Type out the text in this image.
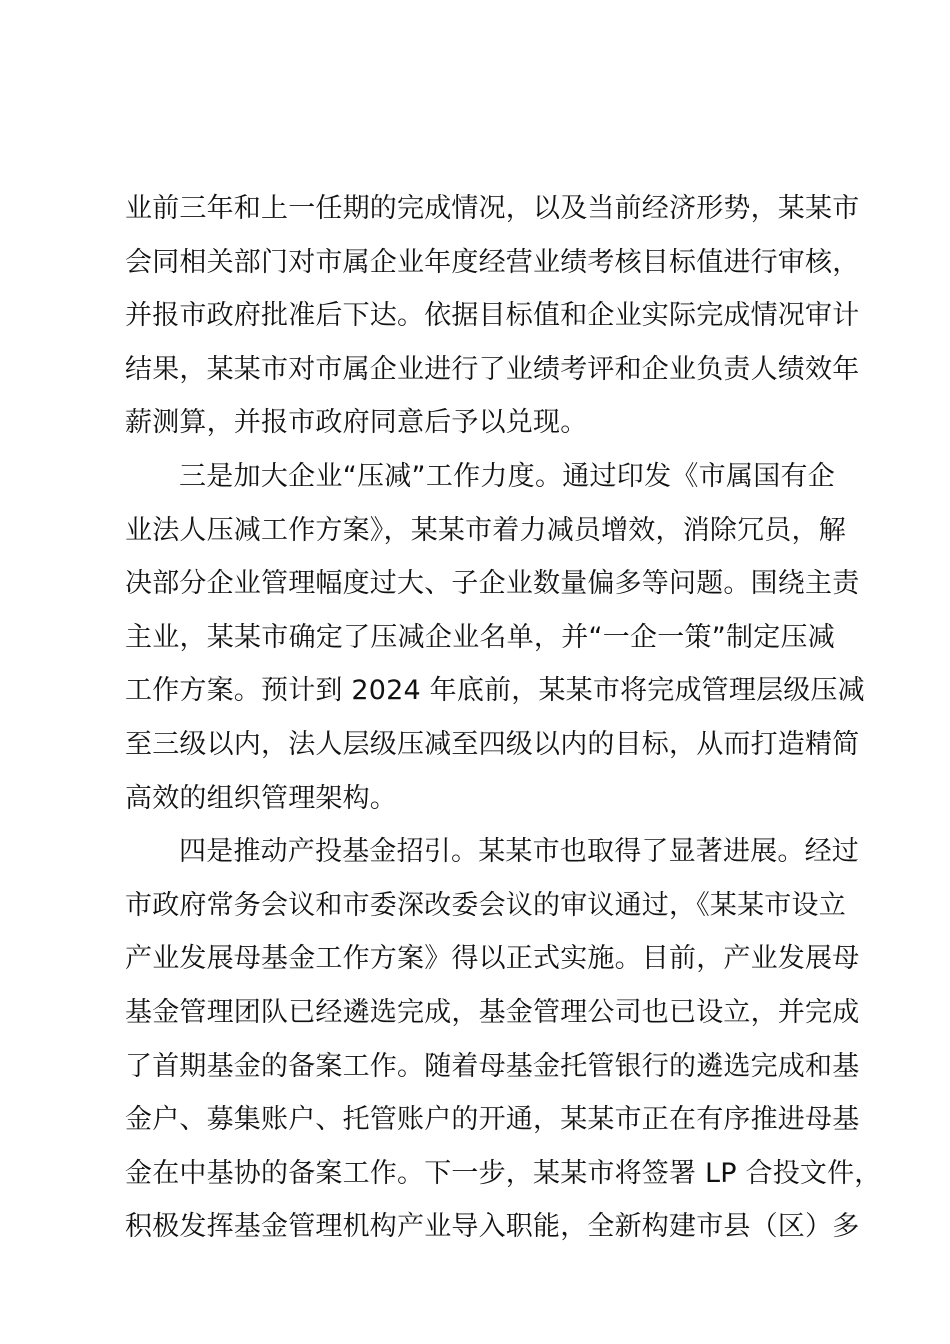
业前三年和上一任期的完成情况，以及当前经济形势，某某市
会同相关部门对市属企业年度经营业绩考核目标值进行审核，
并报市政府批准后下达。依据目标值和企业实际完成情况审计
结果，某某市对市属企业进行了业绩考评和企业负责人绩效年
薪测算，并报市政府同意后予以兑现。
三是加大企业“压减”工作力度。通过印发《市属国有企
业法人压减工作方案》，某某市着力减员增效，消除冗员，解
决部分企业管理幅度过大、子企业数量偏多等问题。围绕主责
主业，某某市确定了压减企业名单，并“一企一策”制定压减
工作方案。预计到 2024 年底前，某某市将完成管理层级压减
至三级以内，法人层级压减至四级以内的目标，从而打造精简
高效的组织管理架构。
四是推动产投基金招引。某某市也取得了显著进展。经过
市政府常务会议和市委深改委会议的审议通过，《某某市设立
产业发展母基金工作方案》得以正式实施。目前，产业发展母
基金管理团队已经遴选完成，基金管理公司也已设立，并完成
了首期基金的备案工作。随着母基金托管银行的遴选完成和基
金户、募集账户、托管账户的开通，某某市正在有序推进母基
金在中基协的备案工作。下一步，某某市将签署 LP 合投文件，
积极发挥基金管理机构产业导入职能，全新构建市县（区）多
